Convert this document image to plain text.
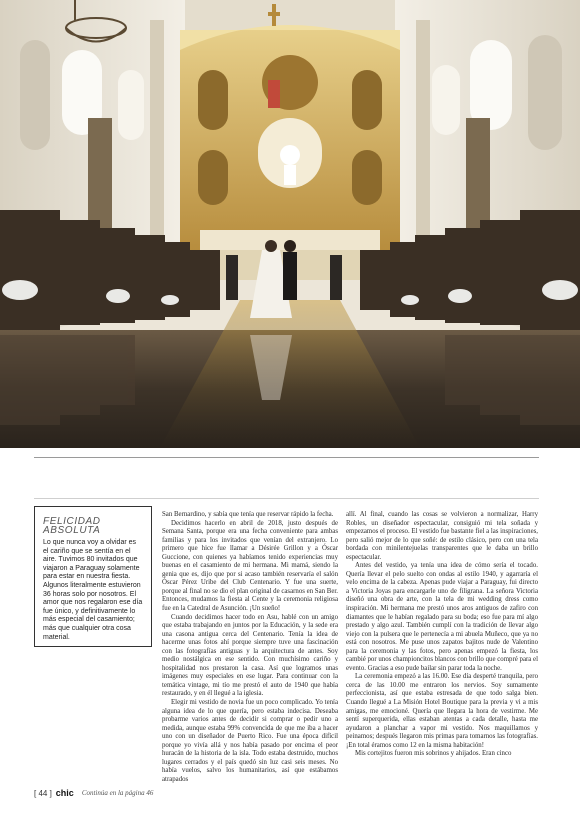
FELICIDAD
ABSOLUTA

Lo que nunca voy a olvidar es el cariño que se sentía en el aire. Tuvimos 80 invitados que viajaron a Paraguay solamente para estar en nuestra fiesta. Algunos literalmente estuvieron 36 horas solo por nosotros. El amor que nos regalaron ese día fue único, y definitivamente lo más especial del casamiento; más que cualquier otra cosa material.

San Bernardino, y sabía que tenía que reservar rápido la fecha.

Decidimos hacerlo en abril de 2018, justo después de Semana Santa, porque era una fecha conveniente para ambas familias y para los invitados que venían del extranjero. Lo primero que hice fue llamar a Désirée Grillon y a Óscar Guccione, con quienes ya habíamos tenido experiencias muy buenas en el casamiento de mi hermana. Mi mamá, siendo la genia que es, dijo que por si acaso también reservaría el salón Óscar Pérez Uribe del Club Centenario. Y fue una suerte, porque al final no se dio el plan original de casarnos en San Ber. Entonces, mudamos la fiesta al Cente y la ceremonia religiosa fue en la Catedral de Asunción. ¡Un sueño!

Cuando decidimos hacer todo en Asu, hablé con un amigo que estaba trabajando en juntos por la Educación, y la sede era una casona antigua cerca del Centenario. Tenía la idea de hacerme unas fotos ahí porque siempre tuve una fascinación con las fotografías antiguas y la arquitectura de antes. Soy medio nostálgica en ese sentido. Con muchísimo cariño y hospitalidad nos prestaron la casa. Así que logramos unas imágenes muy especiales en ese lugar. Para continuar con la temática vintage, mi tío me prestó el auto de 1940 que había restaurado, y en él llegué a la iglesia.

Elegir mi vestido de novia fue un poco complicado. Yo tenía alguna idea de lo que quería, pero estaba indecisa. Deseaba probarme varios antes de decidir si comprar o pedir uno a medida, aunque estaba 99% convencida de que me iba a hacer uno con un diseñador de Puerto Rico. Fue una época difícil porque yo vivía allá y nos había pasado por encima el peor huracán de la historia de la isla. Todo estaba destruido, muchos lugares cerrados y el país quedó sin luz casi seis meses. No había vuelos, salvo los humanitarios, así que estábamos atrapados

allí. Al final, cuando las cosas se volvieron a normalizar, Harry Robles, un diseñador espectacular, consiguió mi tela soñada y empezamos el proceso. El vestido fue bastante fiel a las inspiraciones, pero salió mejor de lo que soñé: de estilo clásico, pero con una tela bordada con minilentejuelas transparentes que le daba un brillo espectacular.

Antes del vestido, ya tenía una idea de cómo sería el tocado. Quería llevar el pelo suelto con ondas al estilo 1940, y agarraría el velo encima de la cabeza. Apenas pude viajar a Paraguay, fui directo a Victoria Joyas para encargarle uno de filigrana. La señora Victoria diseñó una obra de arte, con la tela de mi wedding dress como inspiración. Mi hermana me prestó unos aros antiguos de zafiro con diamantes que le habían regalado para su boda; eso fue para mí algo prestado y algo azul. También cumplí con la tradición de llevar algo viejo con la pulsera que le pertenecía a mi abuela Muñeco, que ya no está con nosotros. Me puse unos zapatos bajitos nude de Valentino para la ceremonia y las fotos, pero apenas empezó la fiesta, los cambié por unos championcitos blancos con brillo que compré para el evento. Gracias a eso pude bailar sin parar toda la noche.

La ceremonia empezó a las 16.00. Ese día desperté tranquila, pero cerca de las 10.00 me entraron los nervios. Soy sumamente perfeccionista, así que estaba estresada de que todo salga bien. Cuando llegué a La Misión Hotel Boutique para la previa y vi a mis amigas, me emocioné. Quería que llegara la hora de vestirme. Me sentí superquerida, ellas estaban atentas a cada detalle, hasta me ayudaron a planchar a vapor mi vestido. Nos maquillamos y peinamos; después llegaron mis primas para tomarnos las fotografías. ¡En total éramos como 12 en la misma habitación!

Mis cortejitos fueron mis sobrinos y ahijados. Eran cinco

[ 44 ] chic Continúa en la página 46
